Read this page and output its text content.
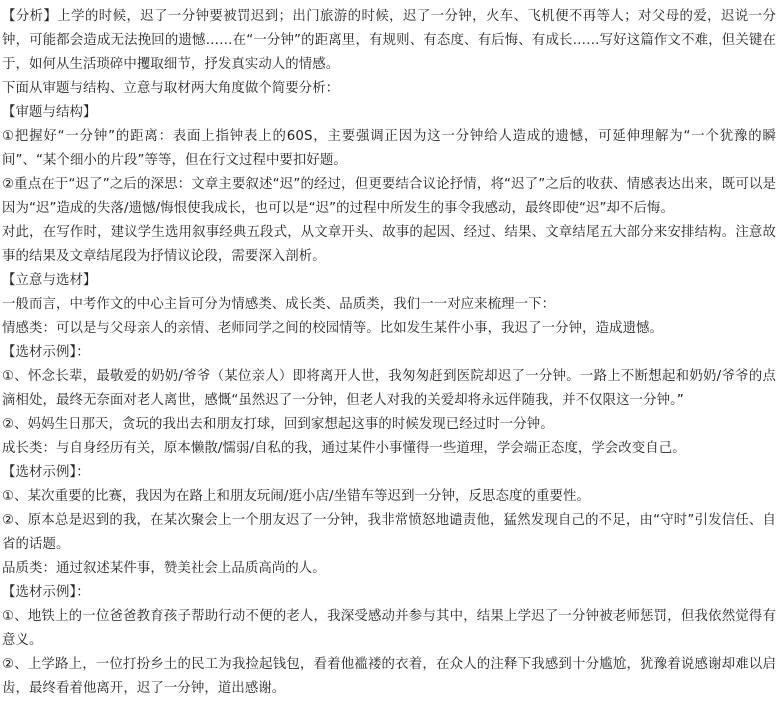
【分析】上学的时候，迟了一分钟要被罚迟到；出门旅游的时候，迟了一分钟，火车、飞机便不再等人；对父母的爱，迟说一分钟，可能都会造成无法挽回的遗憾……在“一分钟”的距离里，有规则、有态度、有后悔、有成长……写好这篇作文不难，但关键在于，如何从生活琐碎中攫取细节，抒发真实动人的情感。

下面从审题与结构、立意与取材两大角度做个简要分析：

【审题与结构】

①把握好“一分钟”的距离：表面上指钟表上的60S，主要强调正因为这一分钟给人造成的遗憾，可延伸理解为“一个犹豫的瞬间”、“某个细小的片段”等等，但在行文过程中要扣好题。

②重点在于“迟了”之后的深思：文章主要叙述“迟”的经过，但更要结合议论抒情，将“迟了”之后的收获、情感表达出来，既可以是因为“迟”造成的失落/遗憾/悔恨使我成长，也可以是“迟”的过程中所发生的事令我感动，最终即使“迟”却不后悔。

对此，在写作时，建议学生选用叙事经典五段式，从文章开头、故事的起因、经过、结果、文章结尾五大部分来安排结构。注意故事的结果及文章结尾段为抒情议论段，需要深入剖析。

【立意与选材】

一般而言，中考作文的中心主旨可分为情感类、成长类、品质类，我们一一对应来梳理一下：

情感类：可以是与父母亲人的亲情、老师同学之间的校园情等。比如发生某件小事，我迟了一分钟，造成遗憾。

【选材示例】：

①、怀念长辈，最敬爱的奶奶/爷爷（某位亲人）即将离开人世，我匆匆赶到医院却迟了一分钟。一路上不断想起和奶奶/爷爷的点滴相处，最终无奈面对老人离世，感慨“虽然迟了一分钟，但老人对我的关爱却将永远伴随我，并不仅限这一分钟。”

②、妈妈生日那天，贪玩的我出去和朋友打球，回到家想起这事的时候发现已经过时一分钟。

成长类：与自身经历有关，原本懒散/懦弱/自私的我，通过某件小事懂得一些道理，学会端正态度，学会改变自己。

【选材示例】：

①、某次重要的比赛，我因为在路上和朋友玩闹/逛小店/坐错车等迟到一分钟，反思态度的重要性。

②、原本总是迟到的我，在某次聚会上一个朋友迟了一分钟，我非常愤怒地谴责他，猛然发现自己的不足，由“守时”引发信任、自省的话题。

品质类：通过叙述某件事，赞美社会上品质高尚的人。

【选材示例】：

①、地铁上的一位爸爸教育孩子帮助行动不便的老人，我深受感动并参与其中，结果上学迟了一分钟被老师惩罚，但我依然觉得有意义。

②、上学路上，一位打扮乡土的民工为我捡起钱包，看着他褴褛的衣着，在众人的注释下我感到十分尴尬，犹豫着说感谢却难以启齿，最终看着他离开，迟了一分钟，道出感谢。
